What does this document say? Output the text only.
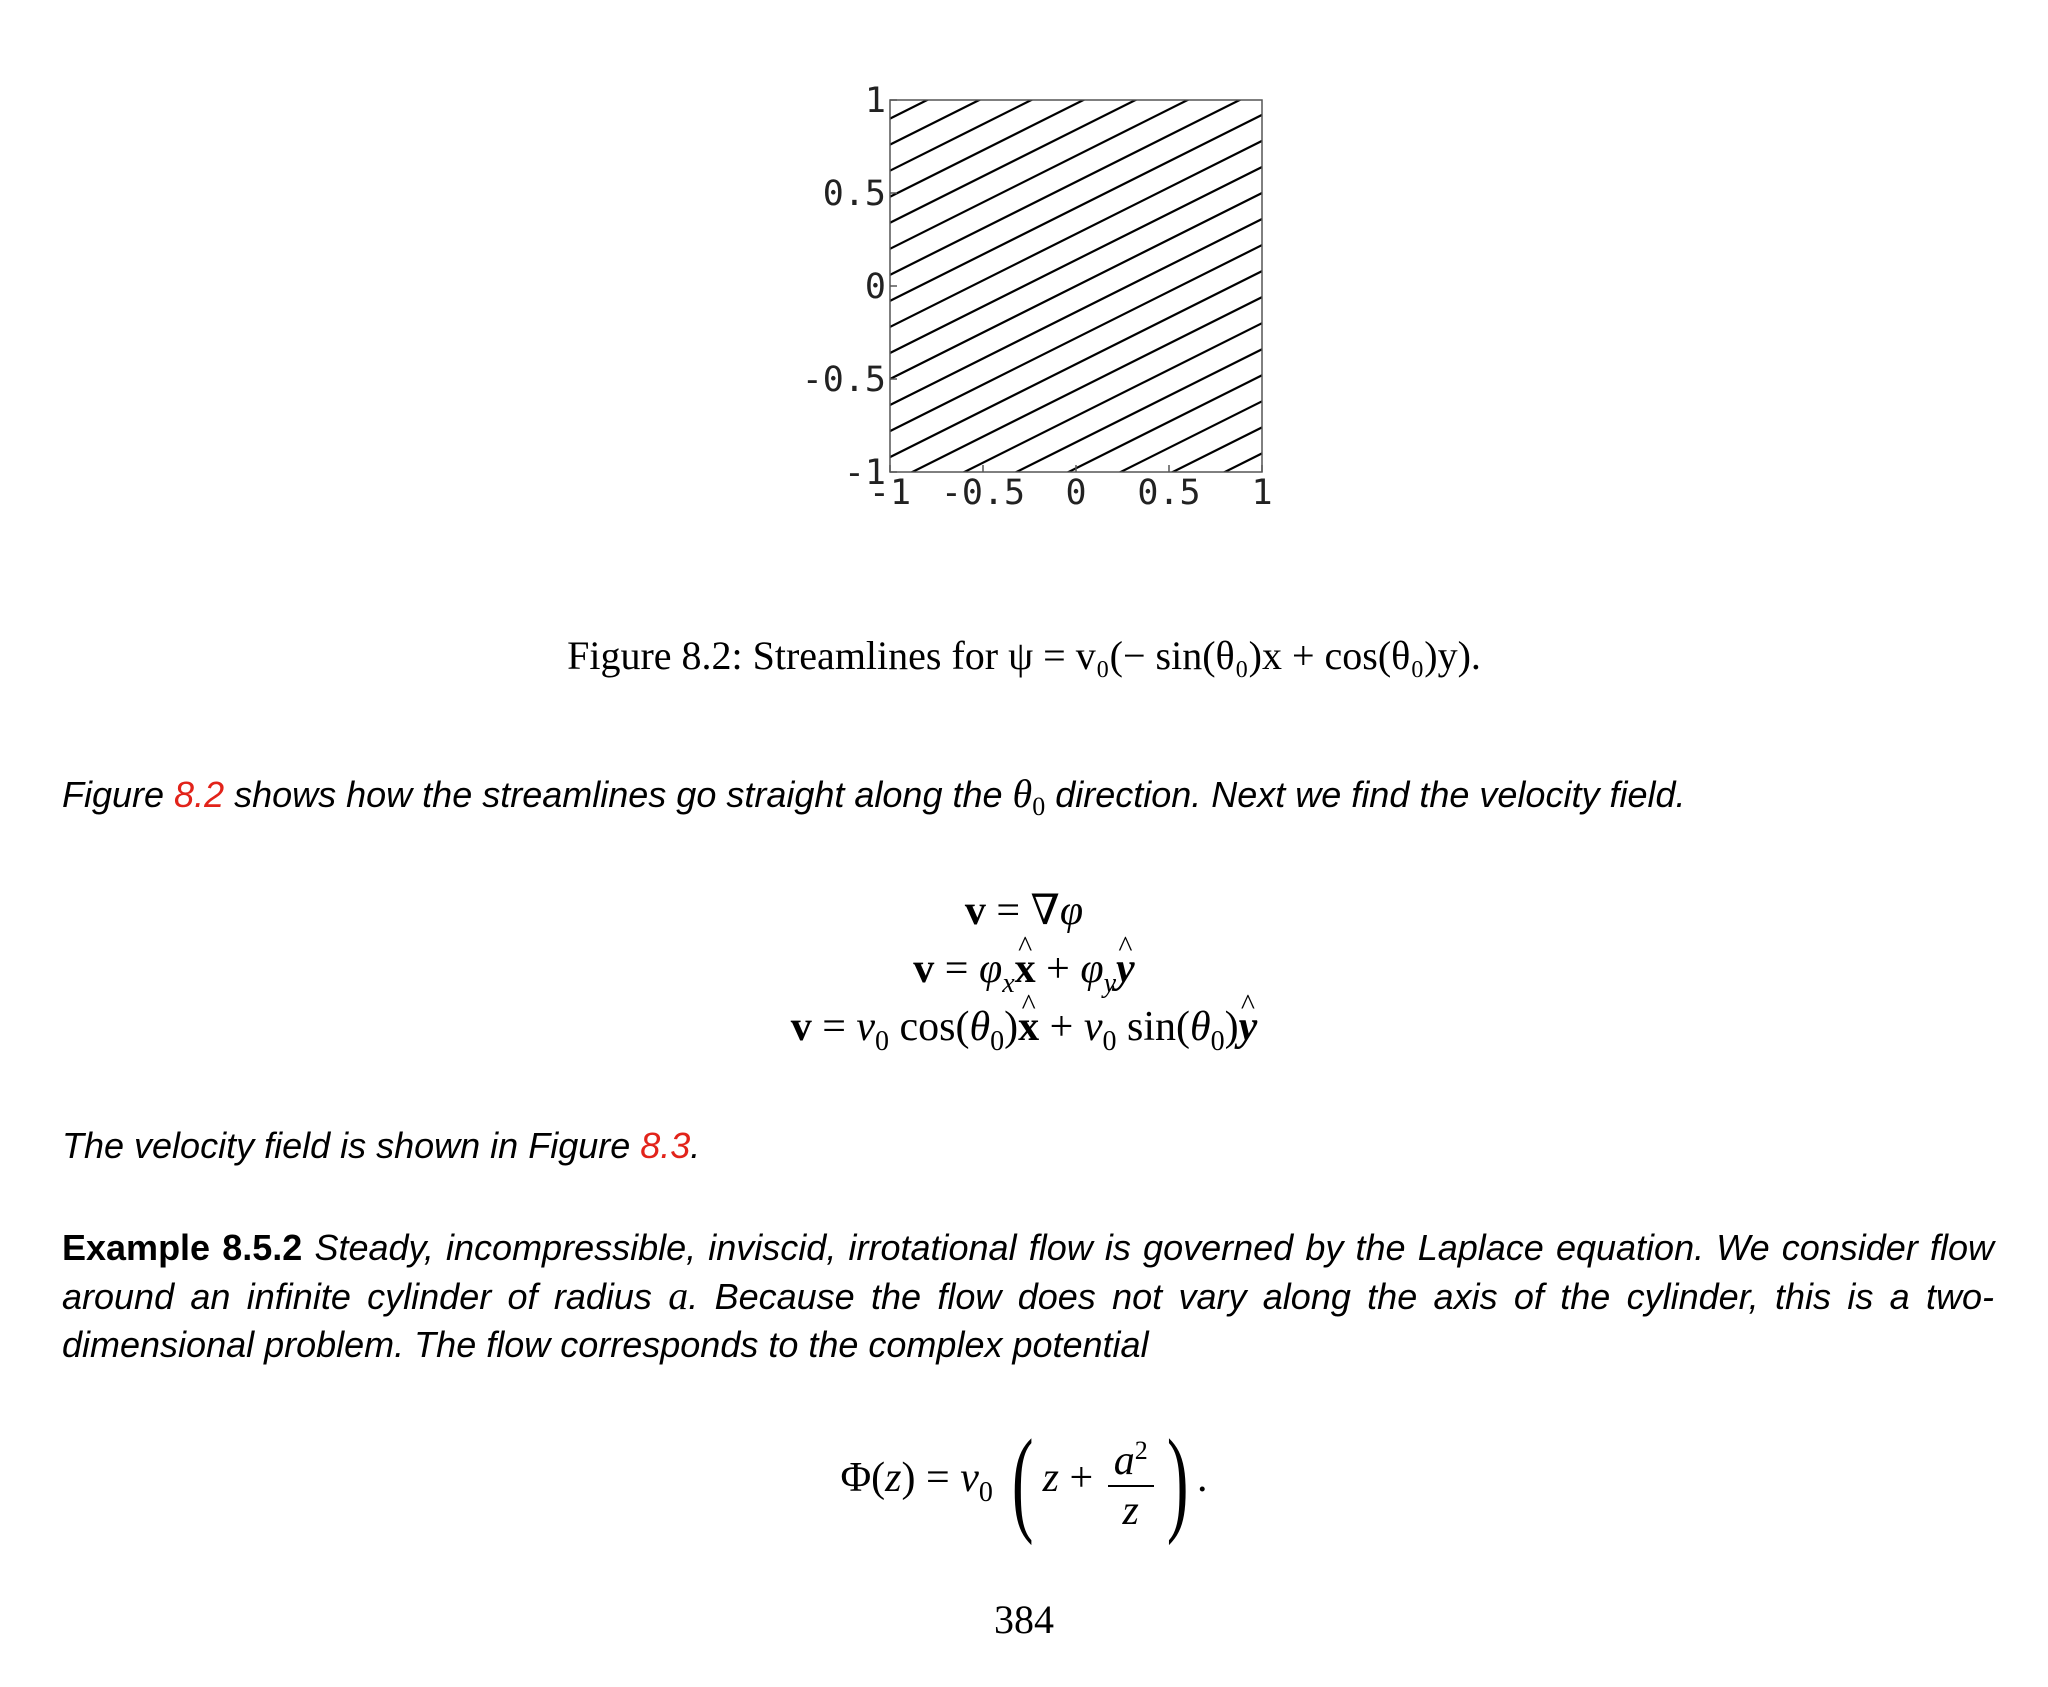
1
0.5
0
-0.5
-1
-1 -0.5 0 0.5 1
Figure 8.2: Streamlines for ψ = v₀(− sin(θ₀)x + cos(θ₀)y).

Figure 8.2 shows how the streamlines go straight along the $\theta_0$ direction. Next we find the velocity field.

v = ∇φ
$v = \varphi_x\^{}$ $x + \varphi_y\^{}$ y
$v = v_0$ $\cos(\theta_0)\^{}$ $x + v_0$ $\sin(\theta_0)\^{}$ y

The velocity field is shown in Figure 8.3.

Example 8.5.2 Steady, incompressible, inviscid, irrotational flow is governed by the Laplace equation. We consider flow around an infinite cylinder of radius a. Because the flow does not vary along the axis of the cylinder, this is a two-dimensional problem. The flow corresponds to the complex potential

$\Phi(z) = v_0$ ( $z + \frac{a^2}{z}$ ) .
384
